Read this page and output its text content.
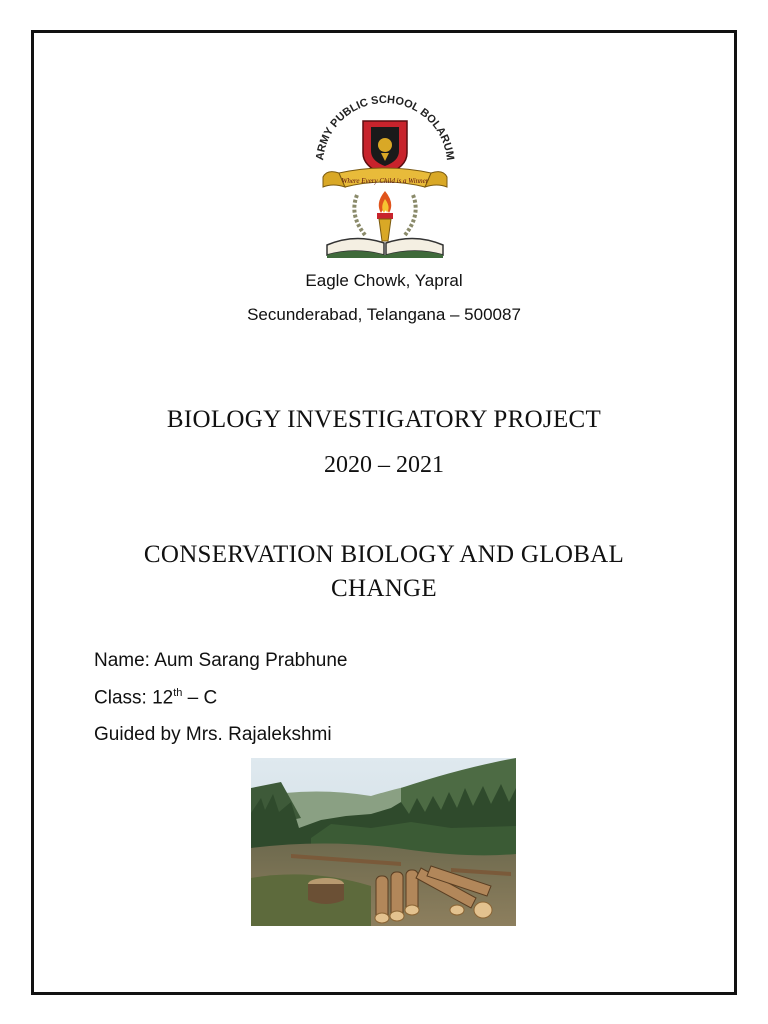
ARMY PUBLIC SCHOOL BOLARUM
Where Every Child is a Winner
Eagle Chowk, Yapral
Secunderabad, Telangana – 500087
BIOLOGY INVESTIGATORY PROJECT
2020 – 2021
CONSERVATION BIOLOGY AND GLOBAL CHANGE
Name: Aum Sarang Prabhune
Class: 12th – C
Guided by Mrs. Rajalekshmi
